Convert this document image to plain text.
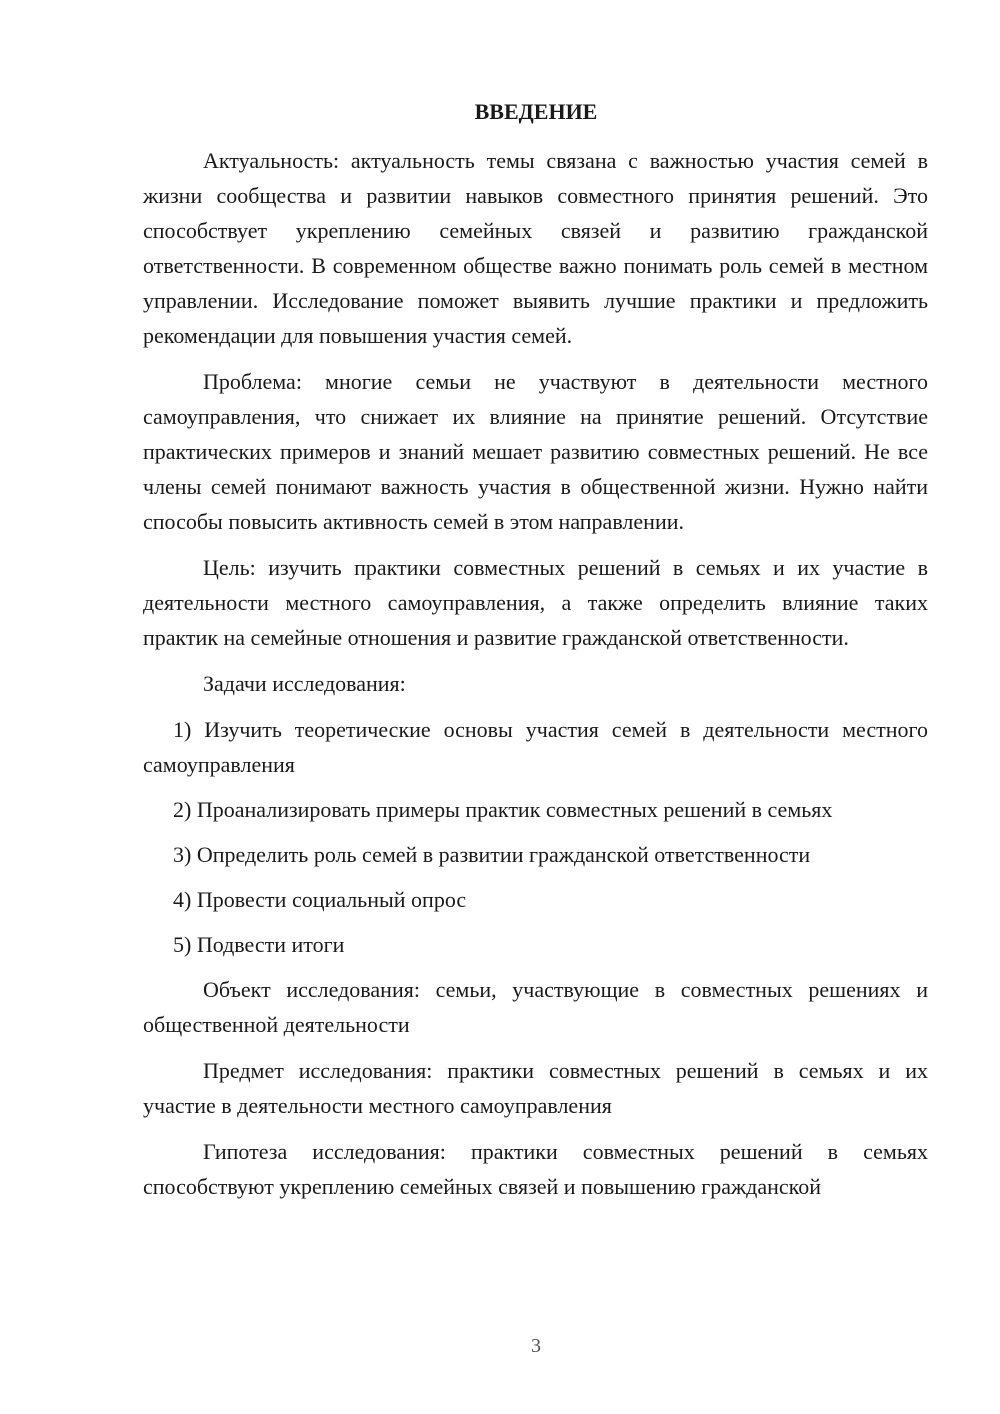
ВВЕДЕНИЕ

Актуальность: актуальность темы связана с важностью участия семей в жизни сообщества и развитии навыков совместного принятия решений. Это способствует укреплению семейных связей и развитию гражданской ответственности. В современном обществе важно понимать роль семей в местном управлении. Исследование поможет выявить лучшие практики и предложить рекомендации для повышения участия семей.

Проблема: многие семьи не участвуют в деятельности местного самоуправления, что снижает их влияние на принятие решений. Отсутствие практических примеров и знаний мешает развитию совместных решений. Не все члены семей понимают важность участия в общественной жизни. Нужно найти способы повысить активность семей в этом направлении.

Цель: изучить практики совместных решений в семьях и их участие в деятельности местного самоуправления, а также определить влияние таких практик на семейные отношения и развитие гражданской ответственности.

Задачи исследования:

1) Изучить теоретические основы участия семей в деятельности местного самоуправления

2) Проанализировать примеры практик совместных решений в семьях

3) Определить роль семей в развитии гражданской ответственности

4) Провести социальный опрос

5) Подвести итоги

Объект исследования: семьи, участвующие в совместных решениях и общественной деятельности

Предмет исследования: практики совместных решений в семьях и их участие в деятельности местного самоуправления

Гипотеза исследования: практики совместных решений в семьях способствуют укреплению семейных связей и повышению гражданской

3
